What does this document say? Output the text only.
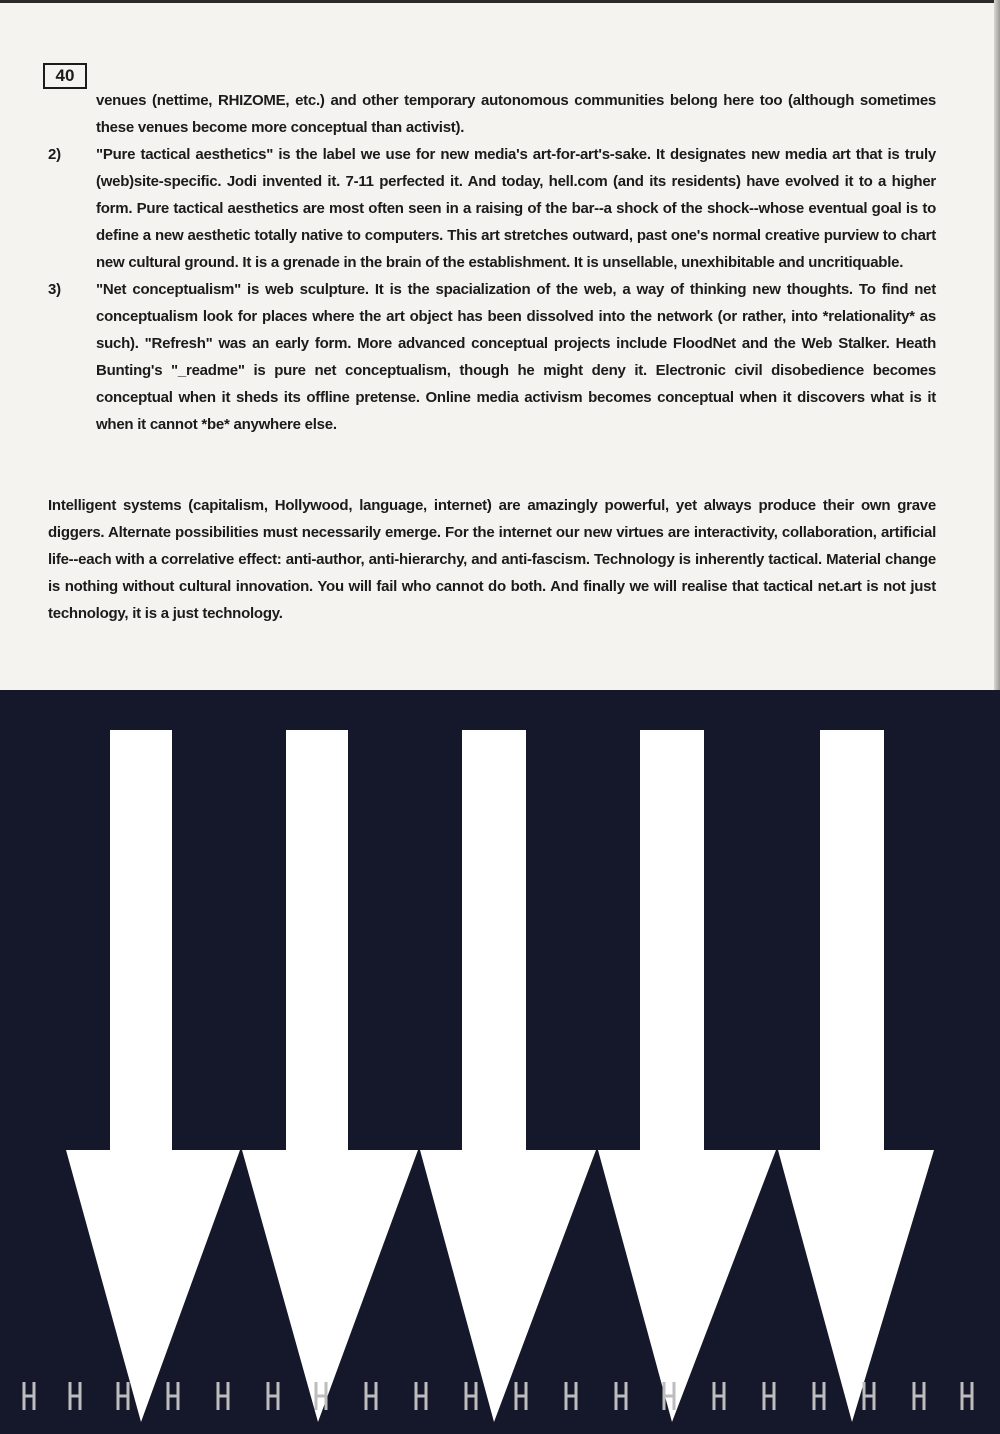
40
venues (nettime, RHIZOME, etc.) and other temporary autonomous communities belong here too (although sometimes these venues become more conceptual than activist).
2)	"Pure tactical aesthetics" is the label we use for new media's art-for-art's-sake. It designates new media art that is truly (web)site-specific. Jodi invented it. 7-11 perfected it. And today, hell.com (and its residents) have evolved it to a higher form. Pure tactical aesthetics are most often seen in a raising of the bar--a shock of the shock--whose eventual goal is to define a new aesthetic totally native to computers. This art stretches outward, past one's normal creative purview to chart new cultural ground. It is a grenade in the brain of the establishment. It is unsellable, unexhibitable and uncritiquable.
3)	"Net conceptualism" is web sculpture. It is the spacialization of the web, a way of thinking new thoughts. To find net conceptualism look for places where the art object has been dissolved into the network (or rather, into *relationality* as such). "Refresh" was an early form. More advanced conceptual projects include FloodNet and the Web Stalker. Heath Bunting's "_readme" is pure net conceptualism, though he might deny it. Electronic civil disobedience becomes conceptual when it sheds its offline pretense. Online media activism becomes conceptual when it discovers what is it when it cannot *be* anywhere else.
Intelligent systems (capitalism, Hollywood, language, internet) are amazingly powerful, yet always produce their own grave diggers. Alternate possibilities must necessarily emerge. For the internet our new virtues are interactivity, collaboration, artificial life--each with a correlative effect: anti-author, anti-hierarchy, and anti-fascism. Technology is inherently tactical. Material change is nothing without cultural innovation. You will fail who cannot do both. And finally we will realise that tactical net.art is not just technology, it is a just technology.
